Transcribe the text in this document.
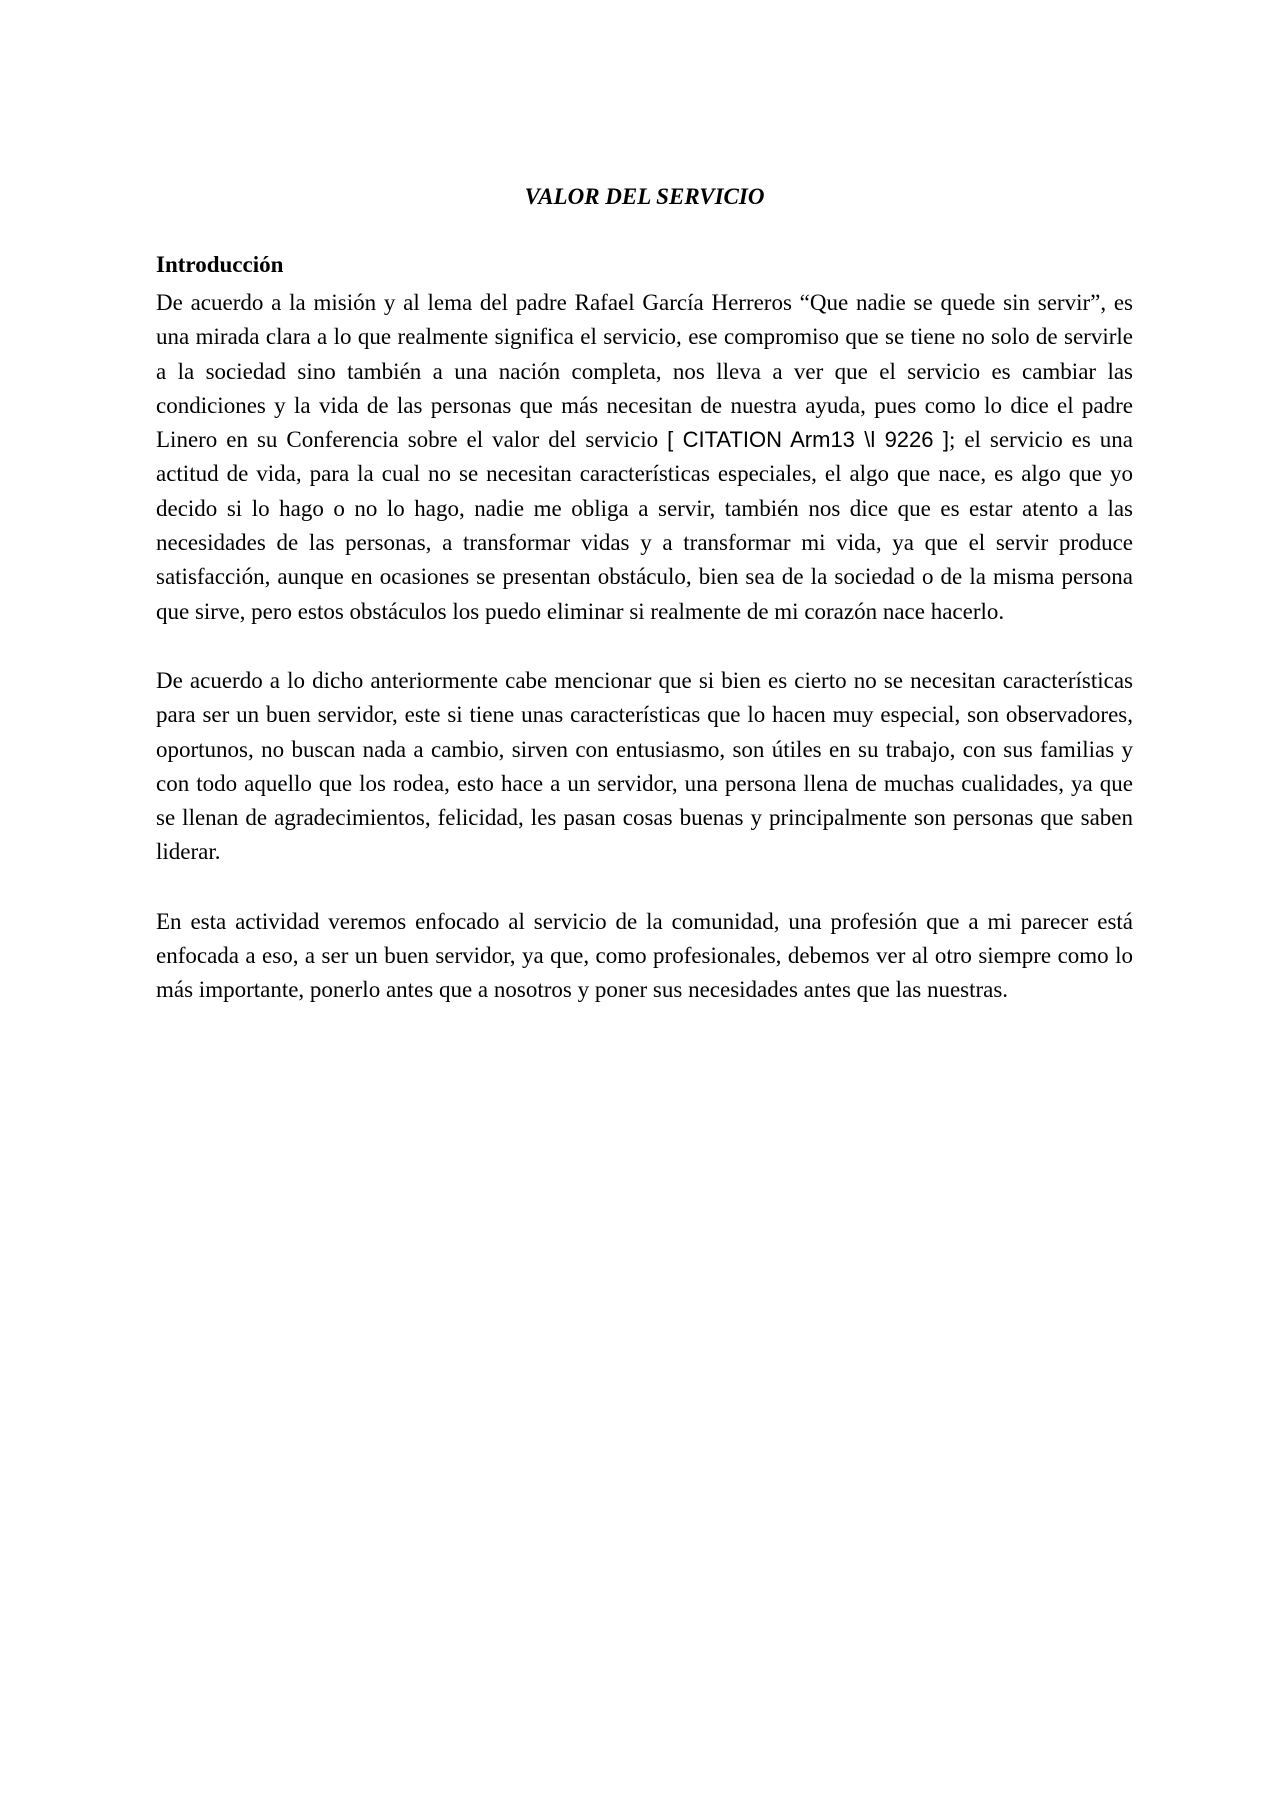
VALOR DEL SERVICIO
Introducción

De acuerdo a la misión y al lema del padre Rafael García Herreros “Que nadie se quede sin servir”, es una mirada clara a lo que realmente significa el servicio, ese compromiso que se tiene no solo de servirle a la sociedad sino también a una nación completa, nos lleva a ver que el servicio es cambiar las condiciones y la vida de las personas que más necesitan de nuestra ayuda, pues como lo dice el padre Linero en su Conferencia sobre el valor del servicio [ CITATION Arm13 \l 9226 ]; el servicio es una actitud de vida, para la cual no se necesitan características especiales, el algo que nace, es algo que yo decido si lo hago o no lo hago, nadie me obliga a servir, también nos dice que es estar atento a las necesidades de las personas, a transformar vidas y a transformar mi vida, ya que el servir produce satisfacción, aunque en ocasiones se presentan obstáculo, bien sea de la sociedad o de la misma persona que sirve, pero estos obstáculos los puedo eliminar si realmente de mi corazón nace hacerlo.

De acuerdo a lo dicho anteriormente cabe mencionar que si bien es cierto no se necesitan características para ser un buen servidor, este si tiene unas características que lo hacen muy especial, son observadores, oportunos, no buscan nada a cambio, sirven con entusiasmo, son útiles en su trabajo, con sus familias y con todo aquello que los rodea, esto hace a un servidor, una persona llena de muchas cualidades, ya que se llenan de agradecimientos, felicidad, les pasan cosas buenas y principalmente son personas que saben liderar.

En esta actividad veremos enfocado al servicio de la comunidad, una profesión que a mi parecer está enfocada a eso, a ser un buen servidor, ya que, como profesionales, debemos ver al otro siempre como lo más importante, ponerlo antes que a nosotros y poner sus necesidades antes que las nuestras.
